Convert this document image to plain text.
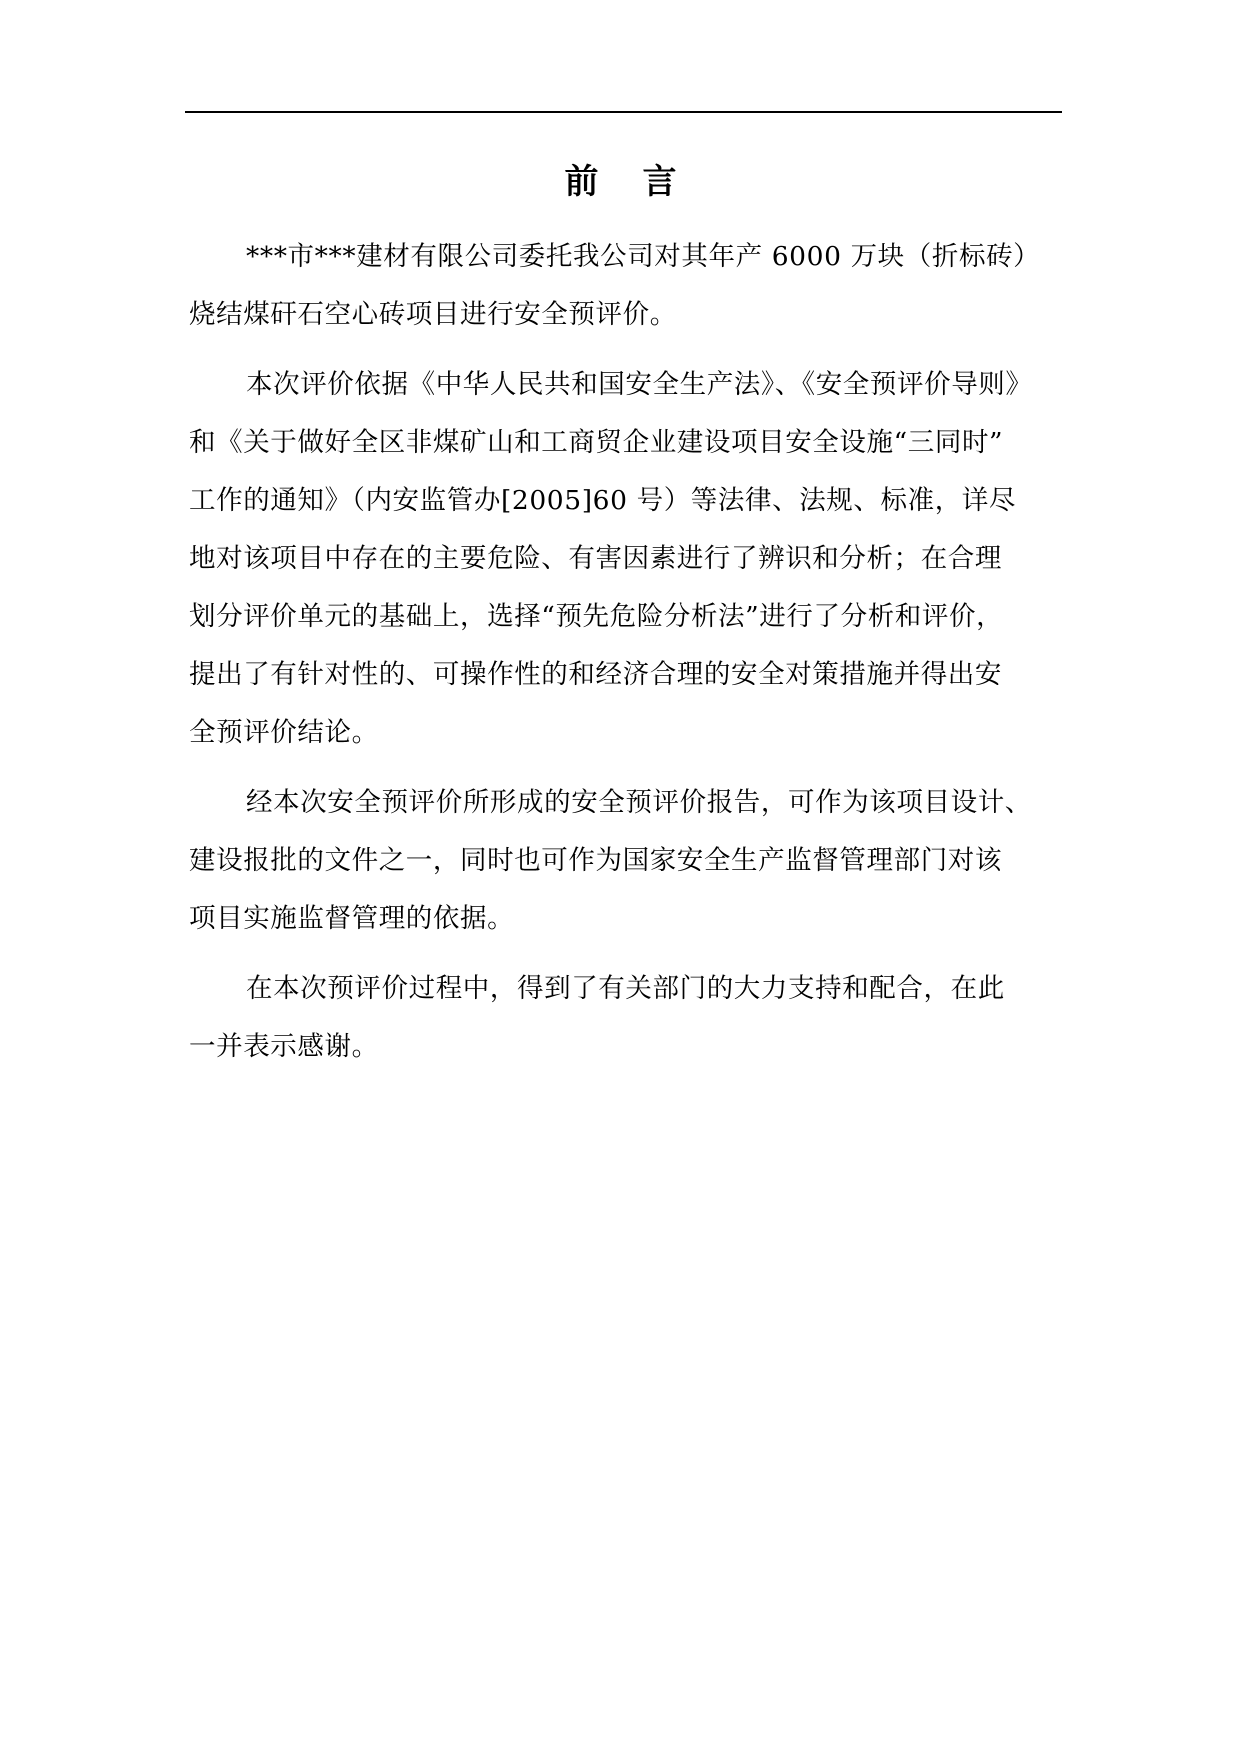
前 言

***市***建材有限公司委托我公司对其年产 6000 万块（折标砖）
烧结煤矸石空心砖项目进行安全预评价。

本次评价依据《中华人民共和国安全生产法》、《安全预评价导则》
和《关于做好全区非煤矿山和工商贸企业建设项目安全设施“三同时”
工作的通知》（内安监管办[2005]60 号）等法律、法规、标准，详尽
地对该项目中存在的主要危险、有害因素进行了辨识和分析；在合理
划分评价单元的基础上，选择“预先危险分析法”进行了分析和评价，
提出了有针对性的、可操作性的和经济合理的安全对策措施并得出安
全预评价结论。

经本次安全预评价所形成的安全预评价报告，可作为该项目设计、
建设报批的文件之一，同时也可作为国家安全生产监督管理部门对该
项目实施监督管理的依据。

在本次预评价过程中，得到了有关部门的大力支持和配合，在此
一并表示感谢。
